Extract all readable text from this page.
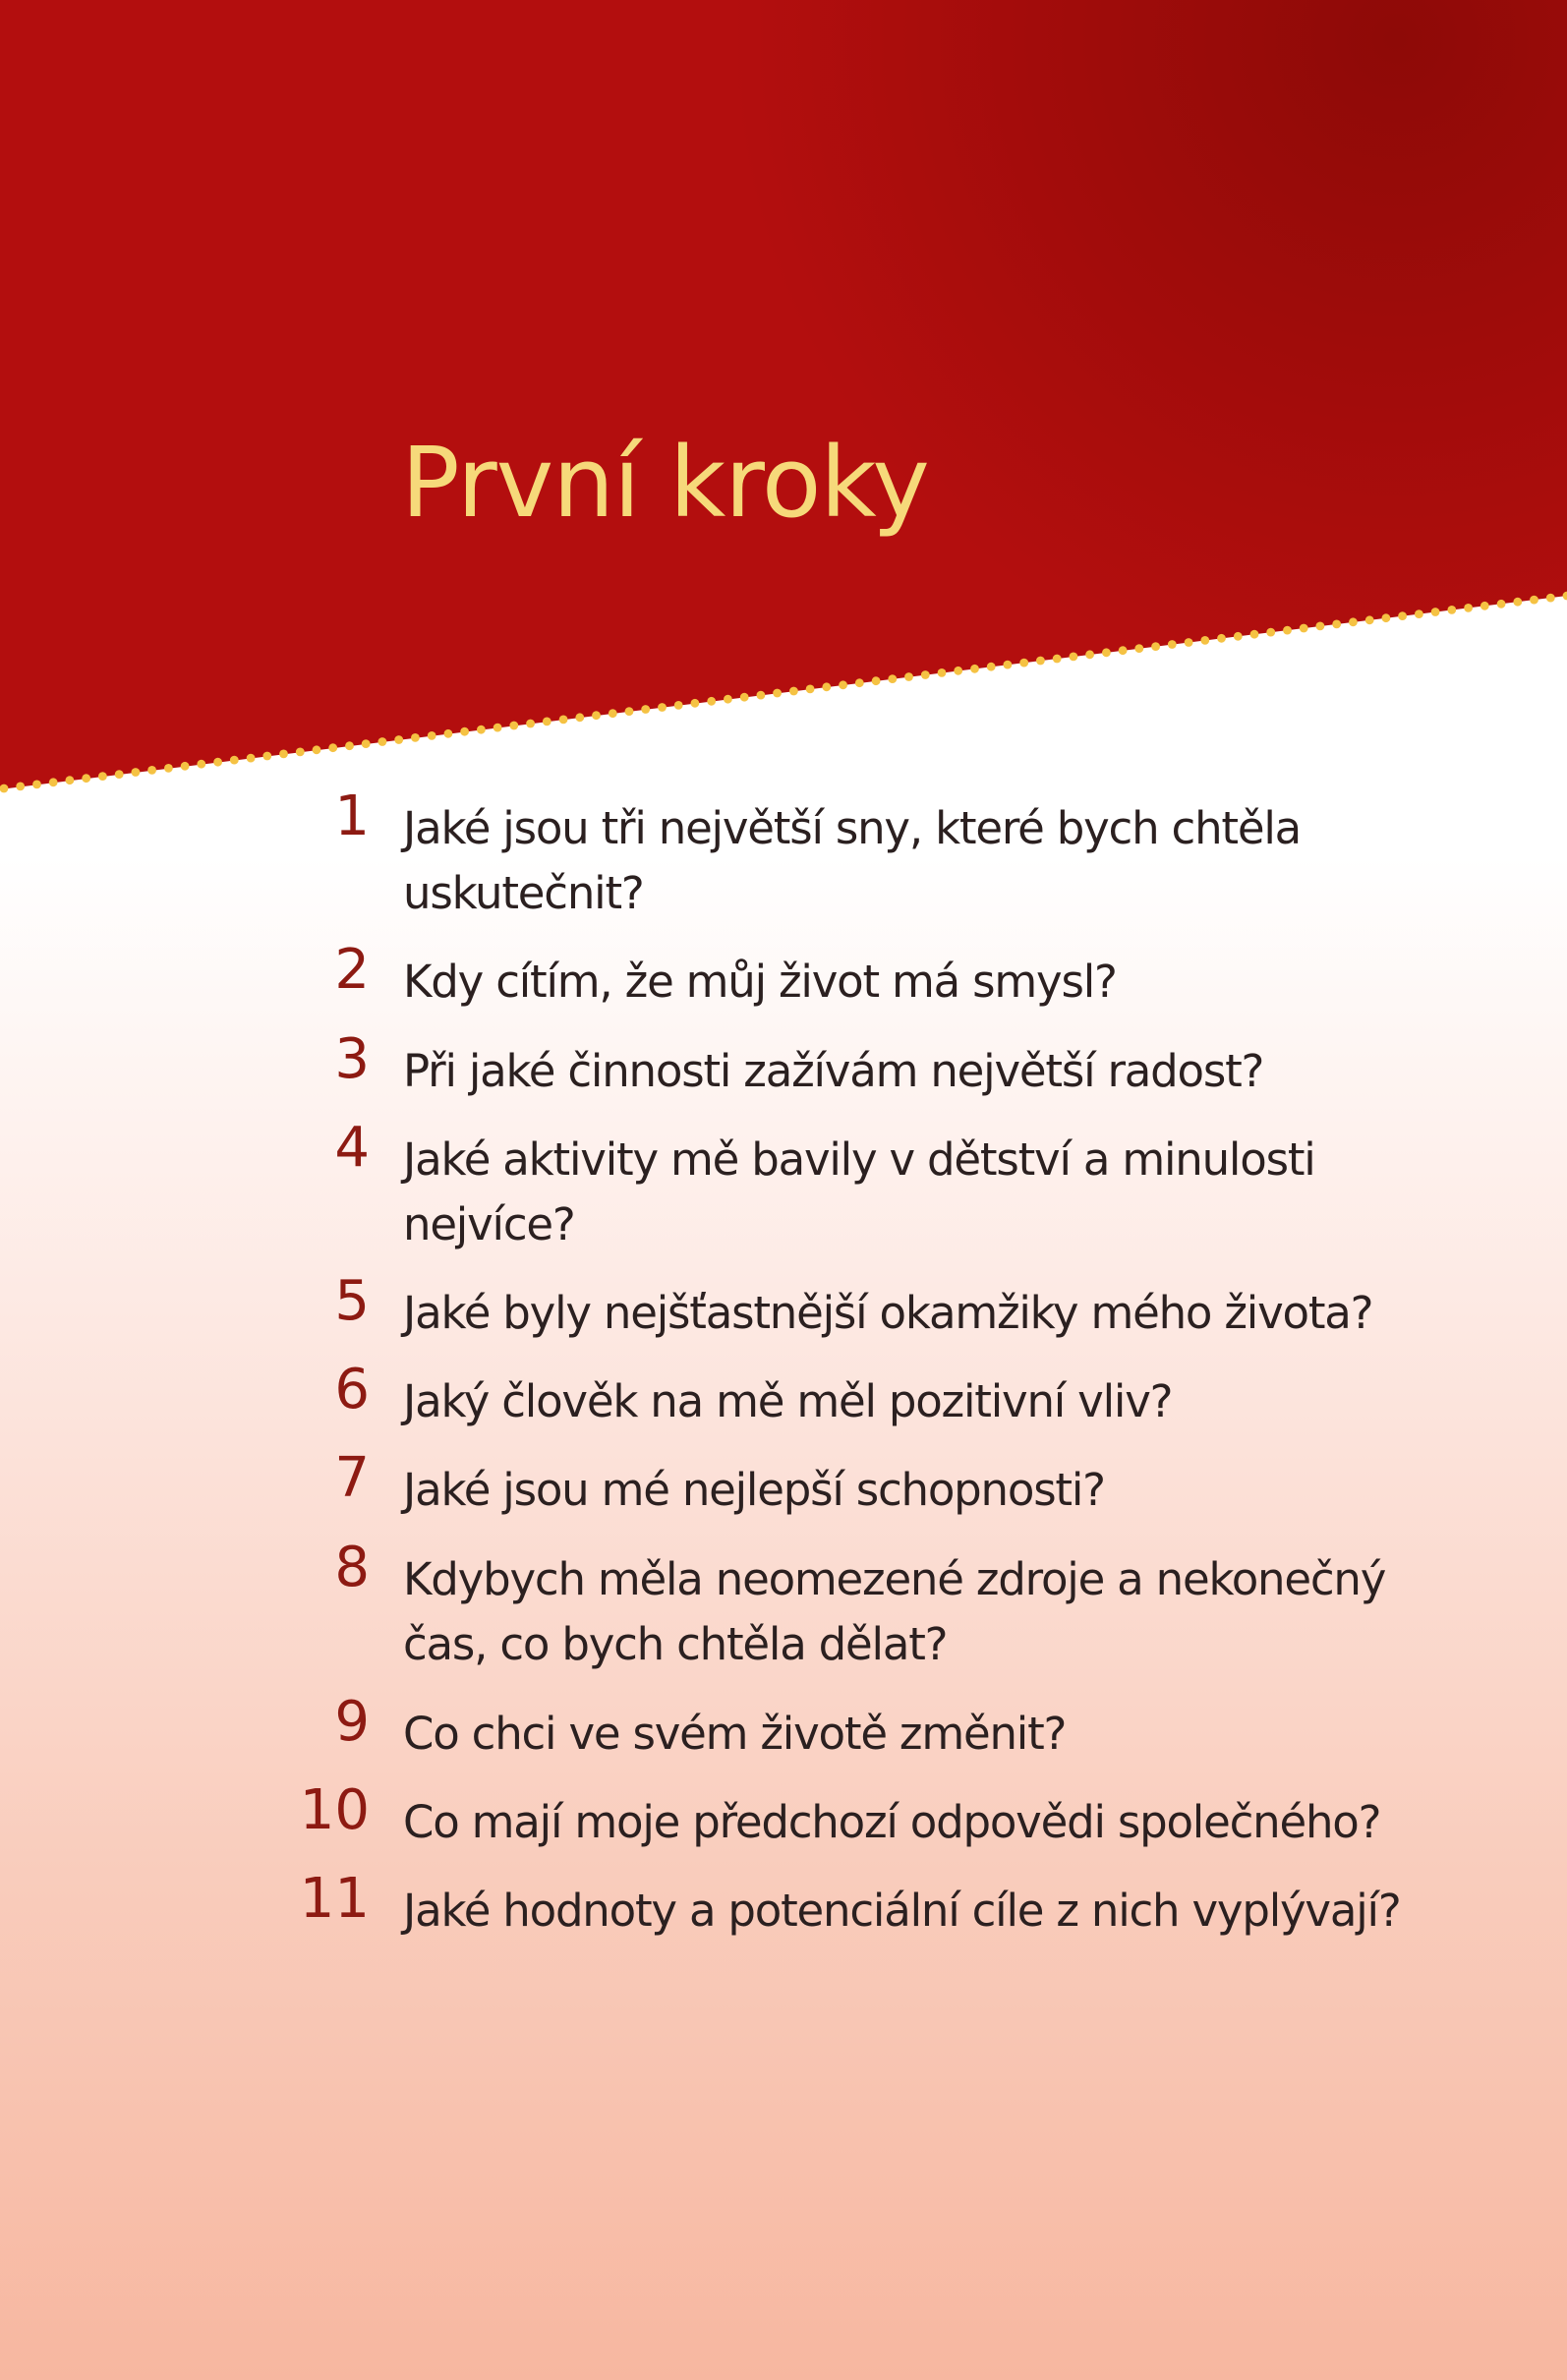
První kroky
1 Jaké jsou tři největší sny, které bych chtěla
uskutečnit?
2 Kdy cítím, že můj život má smysl?
3 Při jaké činnosti zažívám největší radost?
4 Jaké aktivity mě bavily v dětství a minulosti
nejvíce?
5 Jaké byly nejšťastnější okamžiky mého života?
6 Jaký člověk na mě měl pozitivní vliv?
7 Jaké jsou mé nejlepší schopnosti?
8 Kdybych měla neomezené zdroje a nekonečný
čas, co bych chtěla dělat?
9 Co chci ve svém životě změnit?
10 Co mají moje předchozí odpovědi společného?
11 Jaké hodnoty a potenciální cíle z nich vyplývají?
